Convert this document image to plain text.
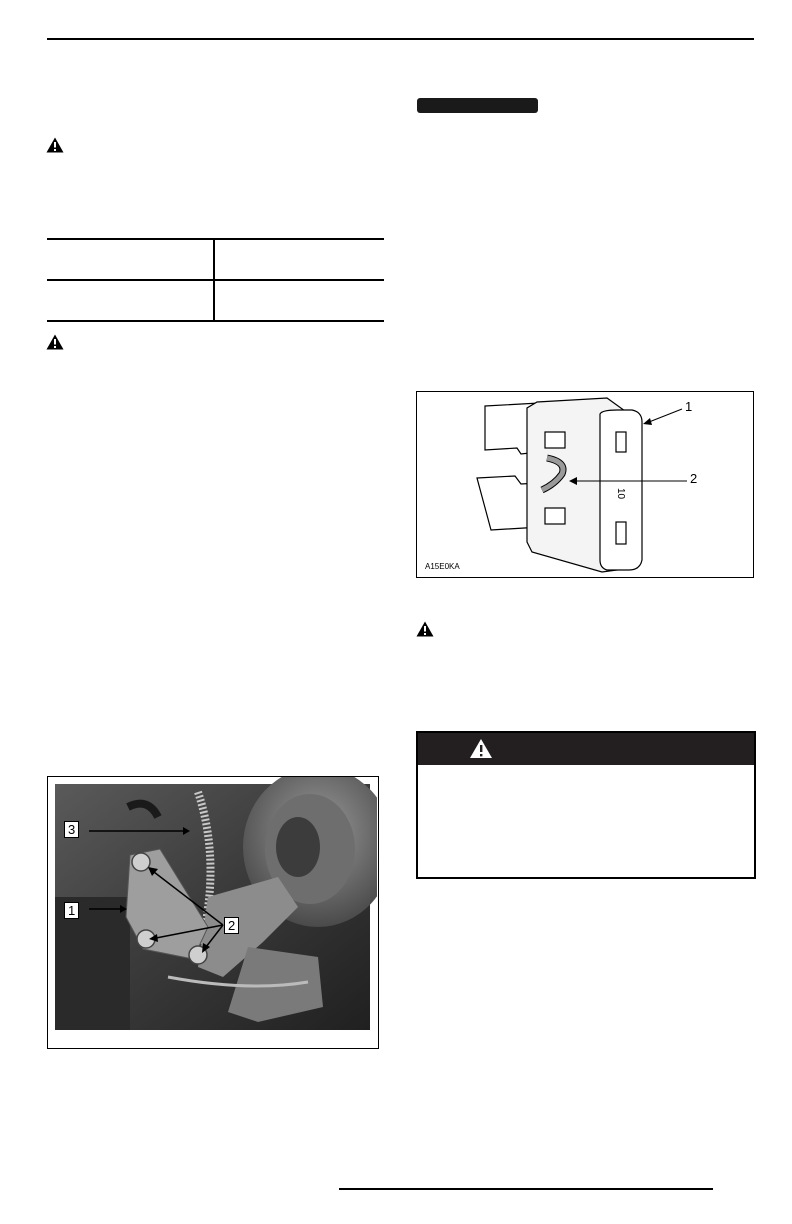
3
1
2
10
1
2
A15E0KA
